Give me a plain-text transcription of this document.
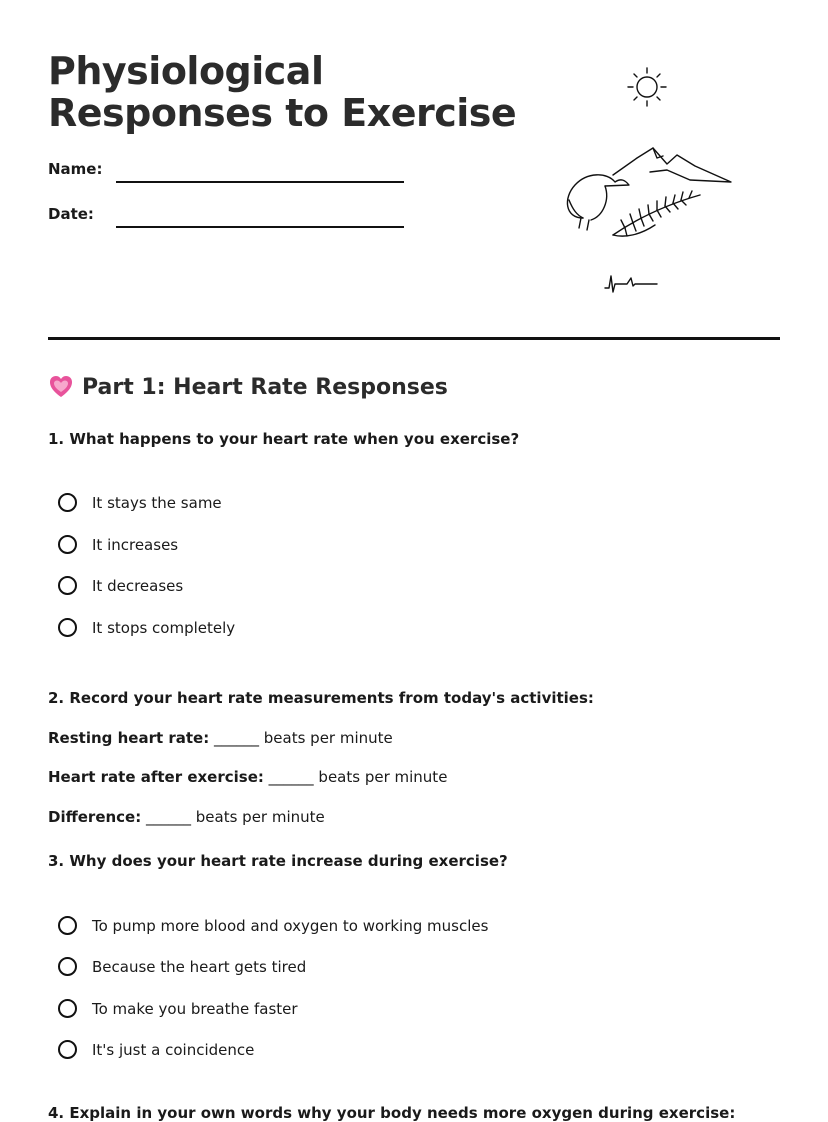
Physiological Responses to Exercise
Name:
Date:
Part 1: Heart Rate Responses
1. What happens to your heart rate when you exercise?
It stays the same
It increases
It decreases
It stops completely
2. Record your heart rate measurements from today's activities:
Resting heart rate: ______ beats per minute
Heart rate after exercise: ______ beats per minute
Difference: ______ beats per minute
3. Why does your heart rate increase during exercise?
To pump more blood and oxygen to working muscles
Because the heart gets tired
To make you breathe faster
It's just a coincidence
4. Explain in your own words why your body needs more oxygen during exercise:
